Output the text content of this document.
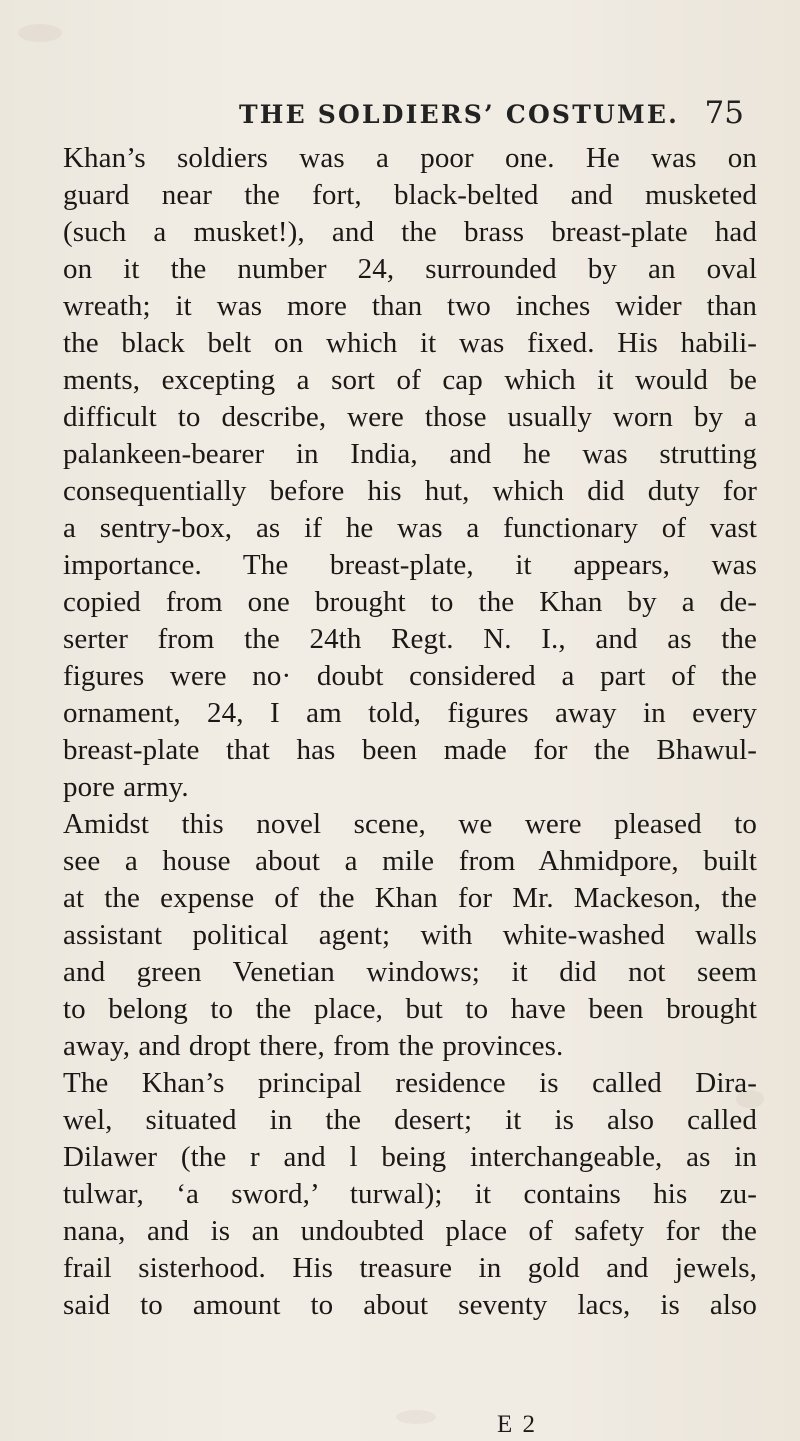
THE SOLDIERS’ COSTUME. 75
Khan’s soldiers was a poor one. He was on
guard near the fort, black-belted and musketed
(such a musket!), and the brass breast-plate had
on it the number 24, surrounded by an oval
wreath; it was more than two inches wider than
the black belt on which it was fixed. His habili-
ments, excepting a sort of cap which it would be
difficult to describe, were those usually worn by a
palankeen-bearer in India, and he was strutting
consequentially before his hut, which did duty for
a sentry-box, as if he was a functionary of vast
importance. The breast-plate, it appears, was
copied from one brought to the Khan by a de-
serter from the 24th Regt. N. I., and as the
figures were no· doubt considered a part of the
ornament, 24, I am told, figures away in every
breast-plate that has been made for the Bhawul-
pore army.
Amidst this novel scene, we were pleased to
see a house about a mile from Ahmidpore, built
at the expense of the Khan for Mr. Mackeson, the
assistant political agent; with white-washed walls
and green Venetian windows; it did not seem
to belong to the place, but to have been brought
away, and dropt there, from the provinces.
The Khan’s principal residence is called Dira-
wel, situated in the desert; it is also called
Dilawer (the r and l being interchangeable, as in
tulwar, ‘a sword,’ turwal); it contains his zu-
nana, and is an undoubted place of safety for the
frail sisterhood. His treasure in gold and jewels,
said to amount to about seventy lacs, is also
E 2
